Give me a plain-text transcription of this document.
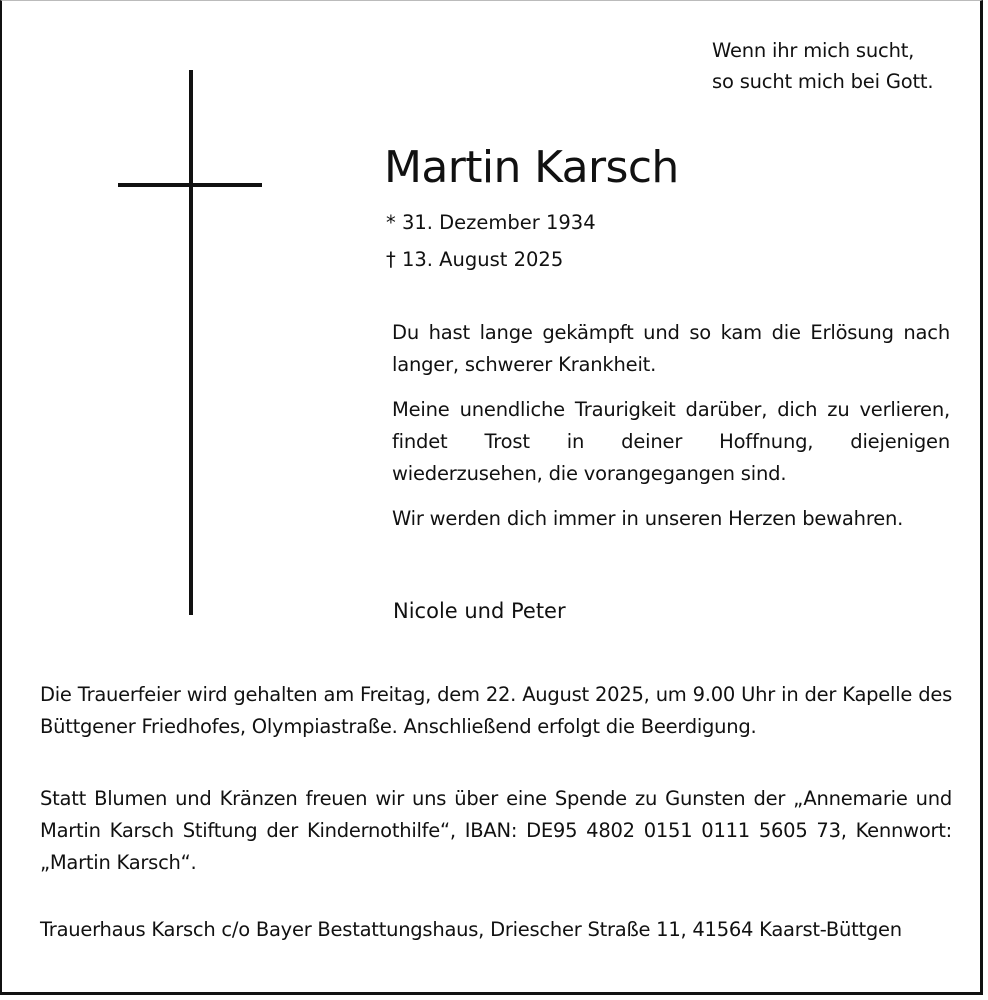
Wenn ihr mich sucht,
so sucht mich bei Gott.
Martin Karsch
* 31. Dezember 1934
† 13. August 2025

Du hast lange gekämpft und so kam die Erlösung nach langer, schwerer Krankheit.

Meine unendliche Traurigkeit darüber, dich zu verlieren, findet Trost in deiner Hoffnung, diejenigen wiederzusehen, die vorangegangen sind.

Wir werden dich immer in unseren Herzen bewahren.

Nicole und Peter

Die Trauerfeier wird gehalten am Freitag, dem 22. August 2025, um 9.00 Uhr in der Kapelle des Büttgener Friedhofes, Olympiastraße. Anschließend erfolgt die Beerdigung.

Statt Blumen und Kränzen freuen wir uns über eine Spende zu Gunsten der „Annemarie und Martin Karsch Stiftung der Kindernothilfe“, IBAN: DE95 4802 0151 0111 5605 73, Kennwort: „Martin Karsch“.

Trauerhaus Karsch c/o Bayer Bestattungshaus, Driescher Straße 11, 41564 Kaarst-Büttgen
